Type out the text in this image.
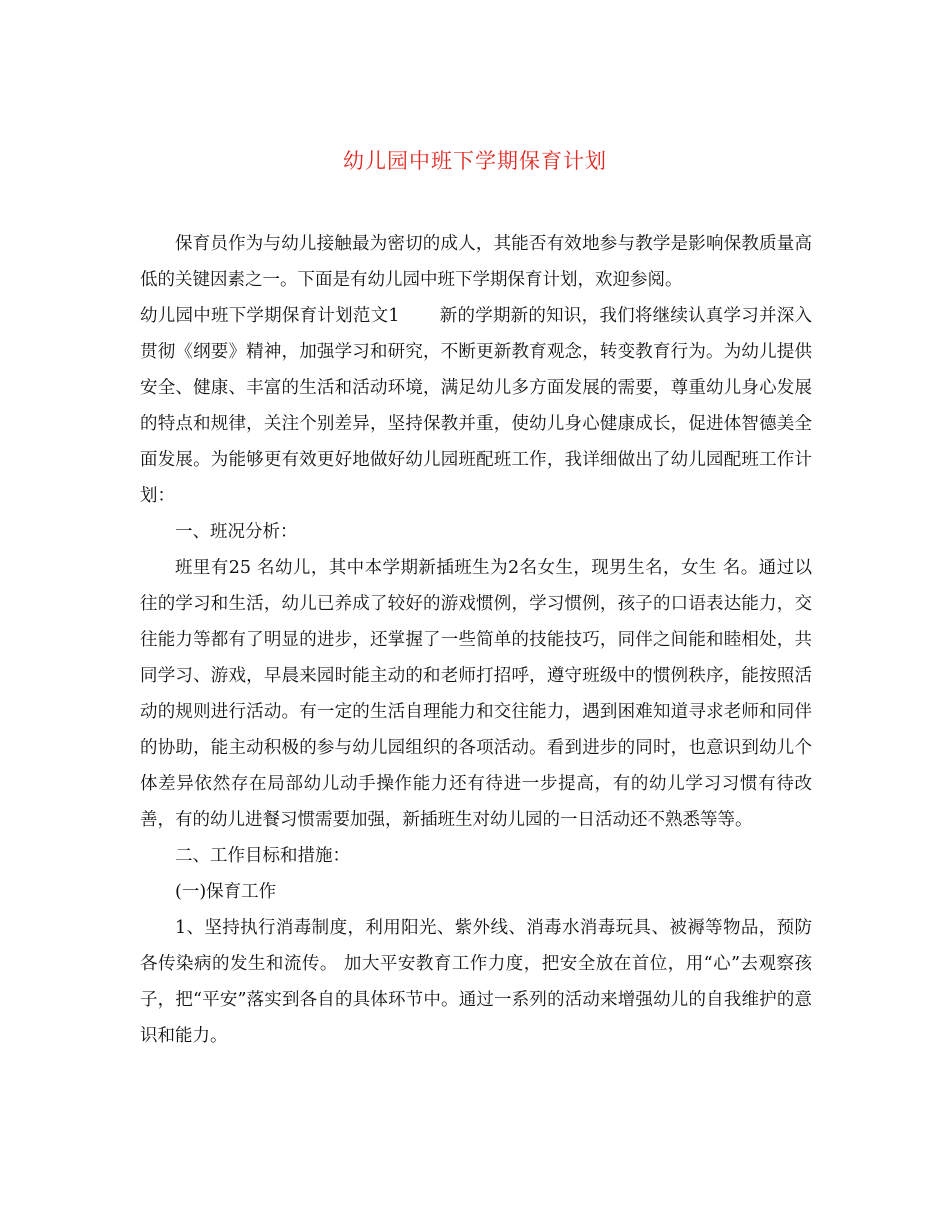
幼儿园中班下学期保育计划

保育员作为与幼儿接触最为密切的成人，其能否有效地参与教学是影响保教质量高低的关键因素之一。下面是有幼儿园中班下学期保育计划，欢迎参阅。

幼儿园中班下学期保育计划范文1 新的学期新的知识，我们将继续认真学习并深入贯彻《纲要》精神，加强学习和研究，不断更新教育观念，转变教育行为。为幼儿提供安全、健康、丰富的生活和活动环境，满足幼儿多方面发展的需要，尊重幼儿身心发展的特点和规律，关注个别差异，坚持保教并重，使幼儿身心健康成长，促进体智德美全面发展。为能够更有效更好地做好幼儿园班配班工作，我详细做出了幼儿园配班工作计划：

一、班况分析：

班里有25 名幼儿，其中本学期新插班生为2名女生，现男生名，女生 名。通过以往的学习和生活，幼儿已养成了较好的游戏惯例，学习惯例，孩子的口语表达能力，交往能力等都有了明显的进步，还掌握了一些简单的技能技巧，同伴之间能和睦相处，共同学习、游戏，早晨来园时能主动的和老师打招呼，遵守班级中的惯例秩序，能按照活动的规则进行活动。有一定的生活自理能力和交往能力，遇到困难知道寻求老师和同伴的协助，能主动积极的参与幼儿园组织的各项活动。看到进步的同时，也意识到幼儿个体差异依然存在局部幼儿动手操作能力还有待进一步提高，有的幼儿学习习惯有待改善，有的幼儿进餐习惯需要加强，新插班生对幼儿园的一日活动还不熟悉等等。

二、工作目标和措施：

(一)保育工作

1、坚持执行消毒制度，利用阳光、紫外线、消毒水消毒玩具、被褥等物品，预防各传染病的发生和流传。 加大平安教育工作力度，把安全放在首位，用“心”去观察孩子，把“平安”落实到各自的具体环节中。通过一系列的活动来增强幼儿的自我维护的意识和能力。
